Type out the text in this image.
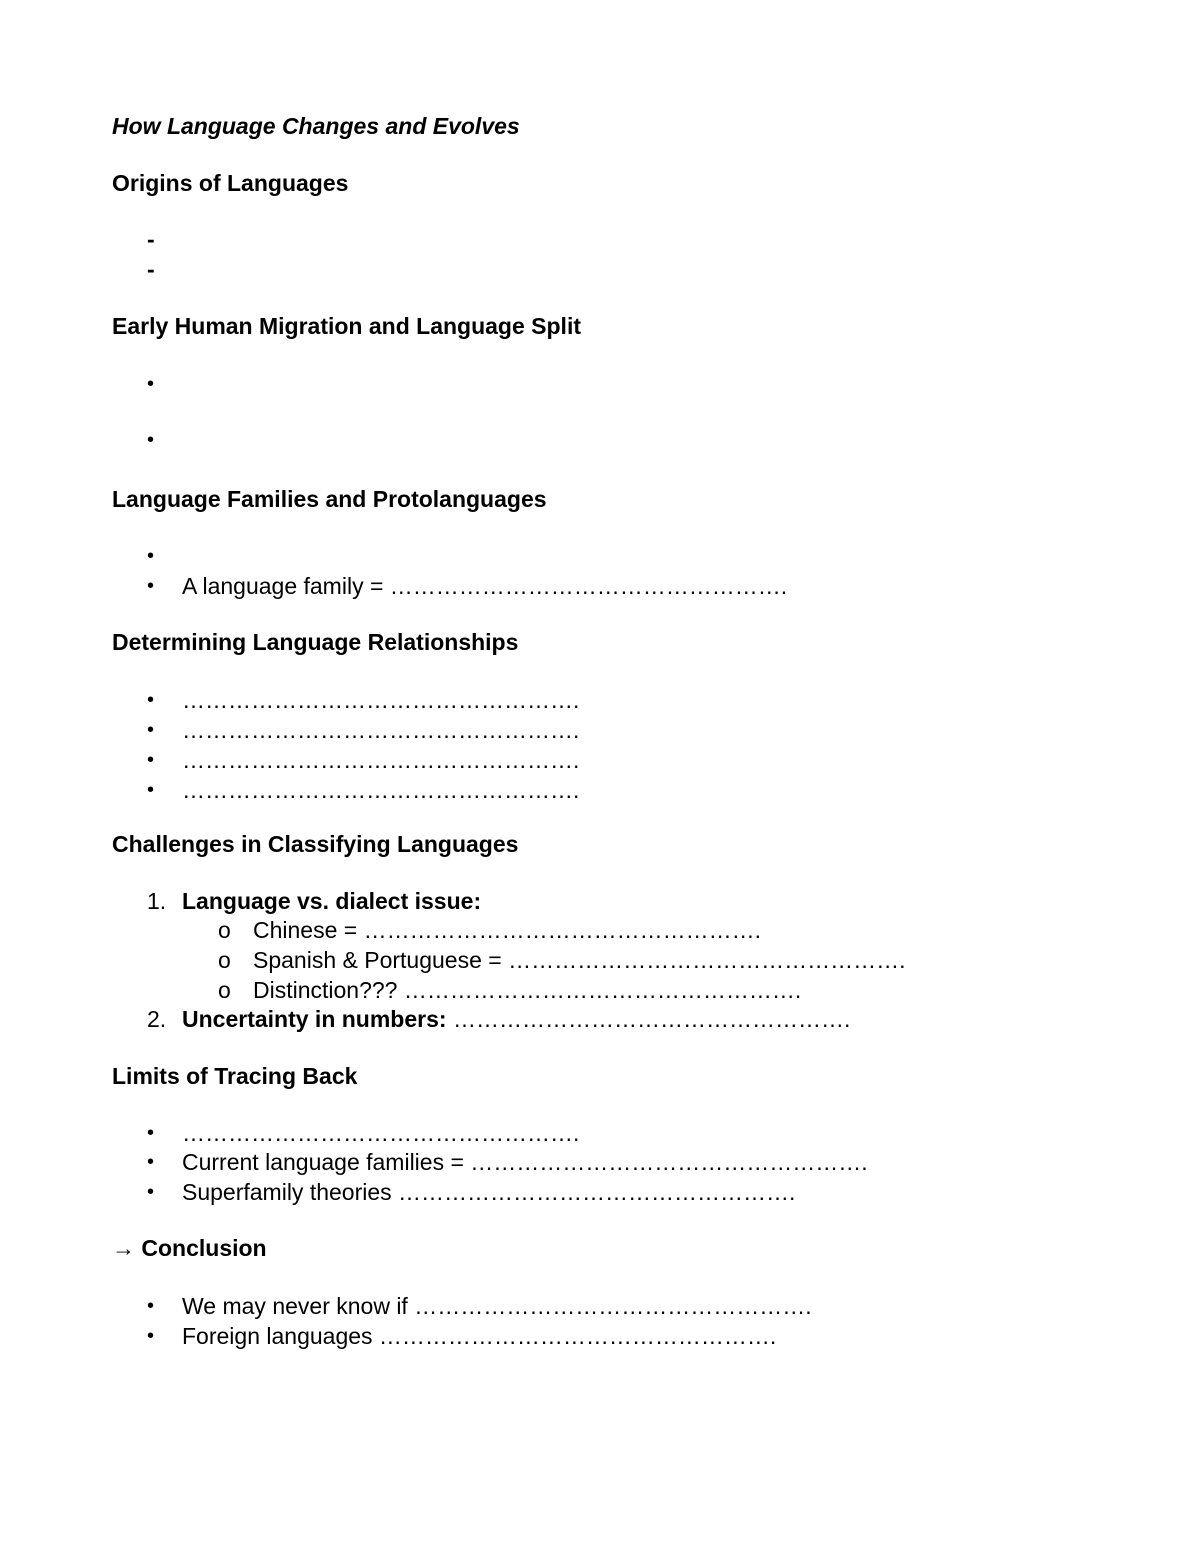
How Language Changes and Evolves
Origins of Languages
-
-
Early Human Migration and Language Split
•
•
Language Families and Protolanguages
•
• A language family = …………………………………………….
Determining Language Relationships
• …………………………………………….
• …………………………………………….
• …………………………………………….
• …………………………………………….
Challenges in Classifying Languages
1. Language vs. dialect issue:
o Chinese = …………………………………………….
o Spanish & Portuguese = …………………………………………….
o Distinction??? …………………………………………….
2. Uncertainty in numbers: …………………………………………….
Limits of Tracing Back
• …………………………………………….
• Current language families = …………………………………………….
• Superfamily theories …………………………………………….
→ Conclusion
• We may never know if …………………………………………….
• Foreign languages …………………………………………….
